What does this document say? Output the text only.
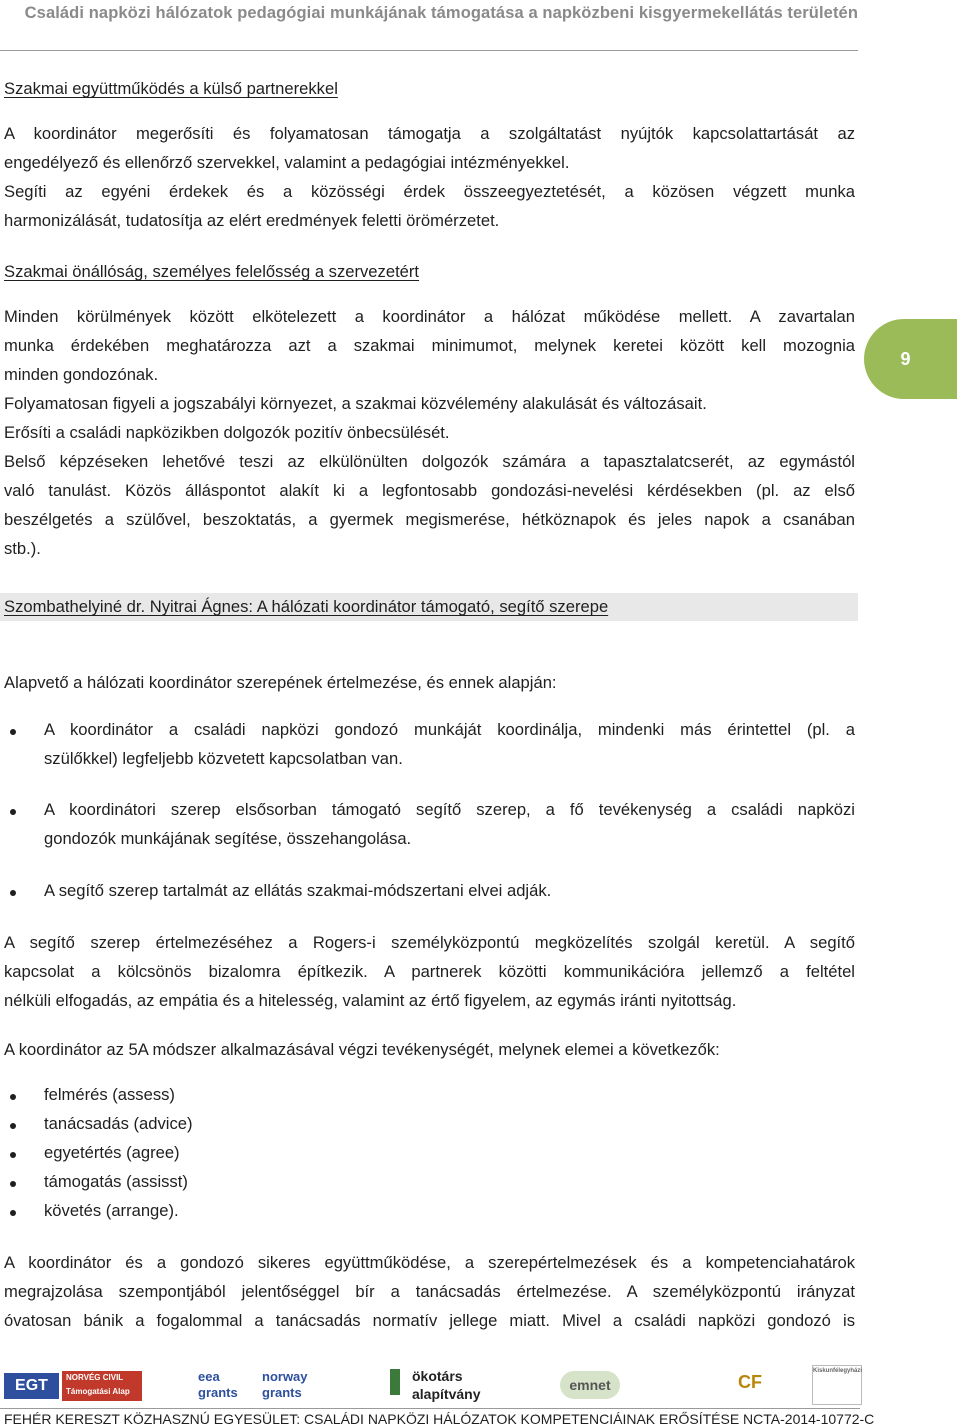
Családi napközi hálózatok pedagógiai munkájának támogatása a napközbeni kisgyermekellátás területén
Szakmai együttműködés a külső partnerekkel
A koordinátor megerősíti és folyamatosan támogatja a szolgáltatást nyújtók kapcsolattartását az
engedélyező és ellenőrző szervekkel, valamint a pedagógiai intézményekkel.
Segíti az egyéni érdekek és a közösségi érdek összeegyeztetését, a közösen végzett munka
harmonizálását, tudatosítja az elért eredmények feletti örömérzetet.
Szakmai önállóság, személyes felelősség a szervezetért
Minden körülmények között elkötelezett a koordinátor a hálózat működése mellett. A zavartalan
munka érdekében meghatározza azt a szakmai minimumot, melynek keretei között kell mozognia
minden gondozónak.
Folyamatosan figyeli a jogszabályi környezet, a szakmai közvélemény alakulását és változásait.
Erősíti a családi napközikben dolgozók pozitív önbecsülését.
Belső képzéseken lehetővé teszi az elkülönülten dolgozók számára a tapasztalatcserét, az egymástól
való tanulást. Közös álláspontot alakít ki a legfontosabb gondozási-nevelési kérdésekben (pl. az első
beszélgetés a szülővel, beszoktatás, a gyermek megismerése, hétköznapok és jeles napok a csanában
stb.).
Szombathelyiné dr. Nyitrai Ágnes: A hálózati koordinátor támogató, segítő szerepe
Alapvető a hálózati koordinátor szerepének értelmezése, és ennek alapján:
A koordinátor a családi napközi gondozó munkáját koordinálja, mindenki más érintettel (pl. a
szülőkkel) legfeljebb közvetett kapcsolatban van.
A koordinátori szerep elsősorban támogató segítő szerep, a fő tevékenység a családi napközi
gondozók munkájának segítése, összehangolása.
A segítő szerep tartalmát az ellátás szakmai-módszertani elvei adják.
A segítő szerep értelmezéséhez a Rogers-i személyközpontú megközelítés szolgál keretül. A segítő
kapcsolat a kölcsönös bizalomra építkezik. A partnerek közötti kommunikációra jellemző a feltétel
nélküli elfogadás, az empátia és a hitelesség, valamint az értő figyelem, az egymás iránti nyitottság.
A koordinátor az 5A módszer alkalmazásával végzi tevékenységét, melynek elemei a következők:
felmérés (assess)
tanácsadás (advice)
egyetértés (agree)
támogatás (assisst)
követés (arrange).
A koordinátor és a gondozó sikeres együttműködése, a szerepértelmezések és a kompetenciahatárok
megrajzolása szempontjából jelentőséggel bír a tanácsadás értelmezése. A személyközpontú irányzat
óvatosan bánik a fogalommal a tanácsadás normatív jellege miatt. Mivel a családi napközi gondozó is
9
EGT	NORVÉG CIVIL Támogatási Alap
eea grants
norway grants
ökotárs alapítvány
emnet	CF
Kiskunfélegyházi
FEHÉR KERESZT KÖZHASZNÚ EGYESÜLET: CSALÁDI NAPKÖZI HÁLÓZATOK KOMPETENCIÁINAK ERŐSÍTÉSE NCTA-2014-10772-C
